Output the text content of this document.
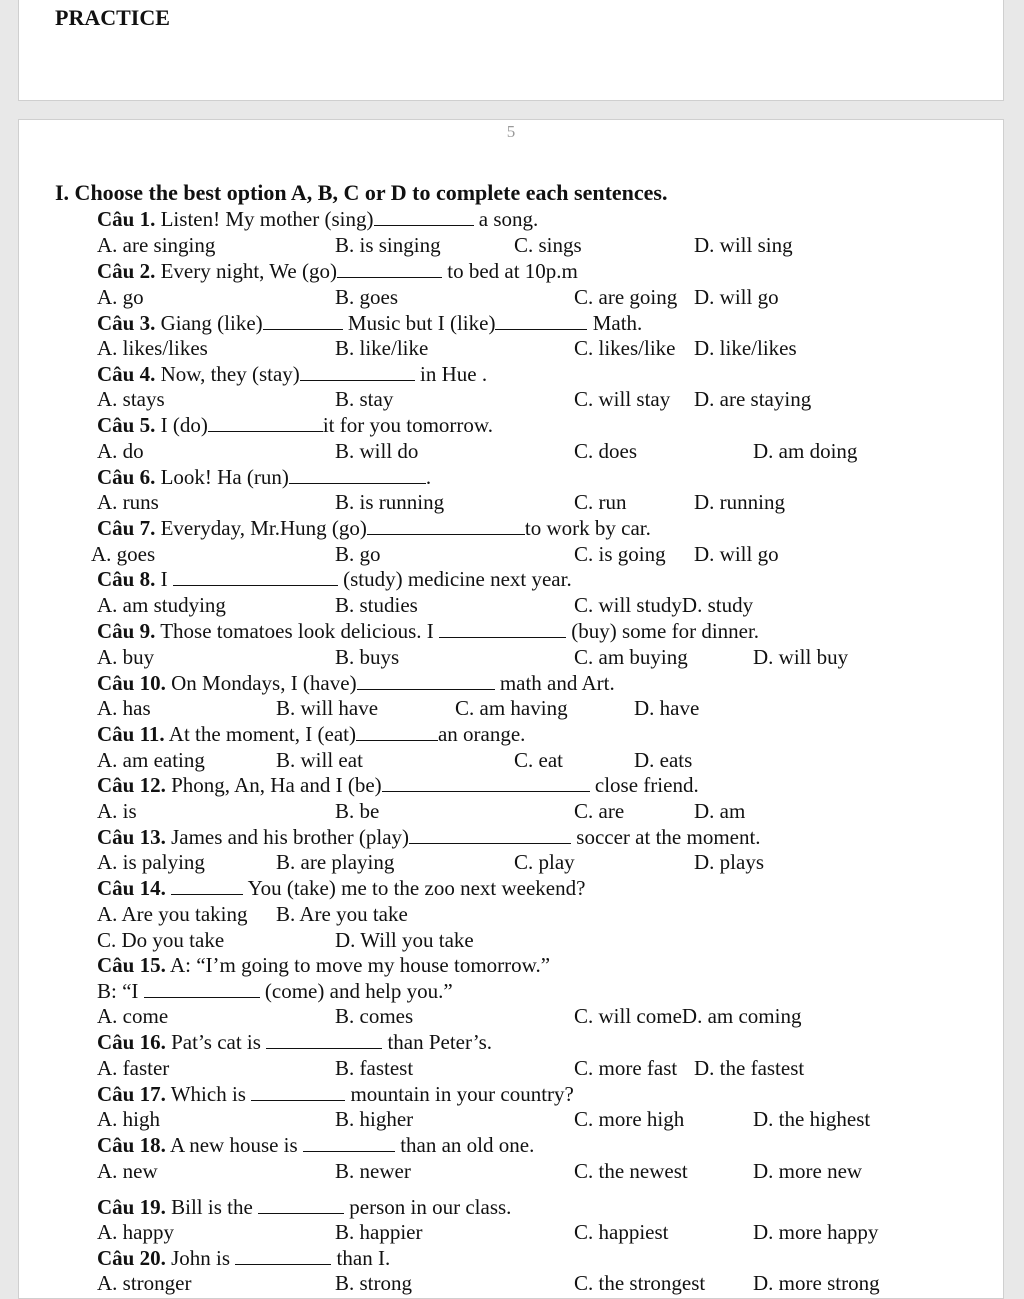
PRACTICE
5
I. Choose the best option A, B, C or D to complete each sentences.
Câu 1. Listen! My mother (sing)	a song.
A. are singing	B. is singing	C. sings	D. will sing
Câu 2. Every night, We (go)	to bed at 10p.m
A. go	B. goes	C. are going D. will go
Câu 3. Giang (like)	Music but I (like)	Math.
A. likes/likes	B. like/like	C. likes/like D. like/likes
Câu 4. Now, they (stay)	in Hue .
A. stays	B. stay	C. will stay D. are staying
Câu 5. I (do)	it for you tomorrow.
A. do	B. will do	C. does	D. am doing
Câu 6. Look! Ha (run)	.
A. runs	B. is running	C. run	D. running
Câu 7. Everyday, Mr.Hung (go)	to work by car.
A. goes	B. go	C. is going D. will go
Câu 8. I	(study) medicine next year.
A. am studying	B. studies	C. will studyD. study
Câu 9. Those tomatoes look delicious. I	(buy) some for dinner.
A. buy	B. buys	C. am buying	D. will buy
Câu 10. On Mondays, I (have)	math and Art.
A. has	B. will have	C. am having	D. have
Câu 11. At the moment, I (eat)	an orange.
A. am eating	B. will eat	C. eat	D. eats
Câu 12. Phong, An, Ha and I (be)	close friend.
A. is	B. be	C. are	D. am
Câu 13. James and his brother (play)	soccer at the moment.
A. is palying	B. are playing	C. play	D. plays
Câu 14.	You (take) me to the zoo next weekend?
A. Are you taking B. Are you take
C. Do you take	D. Will you take
Câu 15. A: “I’m going to move my house tomorrow.”
B: “I	(come) and help you.”
A. come	B. comes	C. will comeD. am coming
Câu 16. Pat’s cat is	than Peter’s.
A. faster	B. fastest	C. more fast D. the fastest
Câu 17. Which is	mountain in your country?
A. high	B. higher	C. more high	D. the highest
Câu 18. A new house is	than an old one.
A. new	B. newer	C. the newest	D. more new
Câu 19. Bill is the	person in our class.
A. happy	B. happier	C. happiest	D. more happy
Câu 20. John is	than I.
A. stronger	B. strong	C. the strongest D. more strong
